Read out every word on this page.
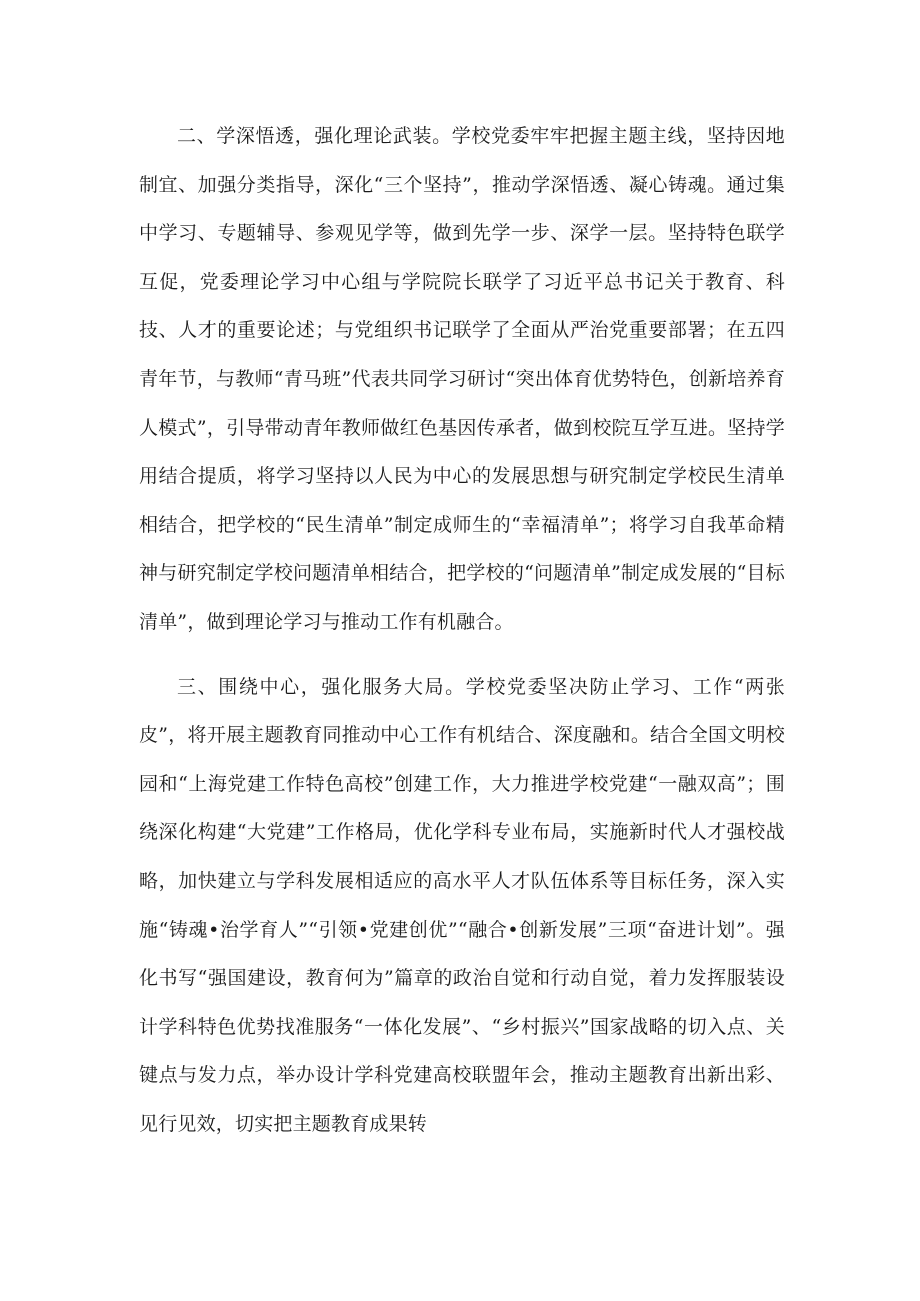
二、学深悟透，强化理论武装。学校党委牢牢把握主题主线，坚持因地制宜、加强分类指导，深化“三个坚持”，推动学深悟透、凝心铸魂。通过集中学习、专题辅导、参观见学等，做到先学一步、深学一层。坚持特色联学互促，党委理论学习中心组与学院院长联学了习近平总书记关于教育、科技、人才的重要论述；与党组织书记联学了全面从严治党重要部署；在五四青年节，与教师“青马班”代表共同学习研讨“突出体育优势特色，创新培养育人模式”，引导带动青年教师做红色基因传承者，做到校院互学互进。坚持学用结合提质，将学习坚持以人民为中心的发展思想与研究制定学校民生清单相结合，把学校的“民生清单”制定成师生的“幸福清单”；将学习自我革命精神与研究制定学校问题清单相结合，把学校的“问题清单”制定成发展的“目标清单”，做到理论学习与推动工作有机融合。

三、围绕中心，强化服务大局。学校党委坚决防止学习、工作“两张皮”，将开展主题教育同推动中心工作有机结合、深度融和。结合全国文明校园和“上海党建工作特色高校”创建工作，大力推进学校党建“一融双高”；围绕深化构建“大党建”工作格局，优化学科专业布局，实施新时代人才强校战略，加快建立与学科发展相适应的高水平人才队伍体系等目标任务，深入实施“铸魂•治学育人”“引领•党建创优”“融合•创新发展”三项“奋进计划”。强化书写“强国建设，教育何为”篇章的政治自觉和行动自觉，着力发挥服装设计学科特色优势找准服务“一体化发展”、“乡村振兴”国家战略的切入点、关键点与发力点，举办设计学科党建高校联盟年会，推动主题教育出新出彩、见行见效，切实把主题教育成果转
